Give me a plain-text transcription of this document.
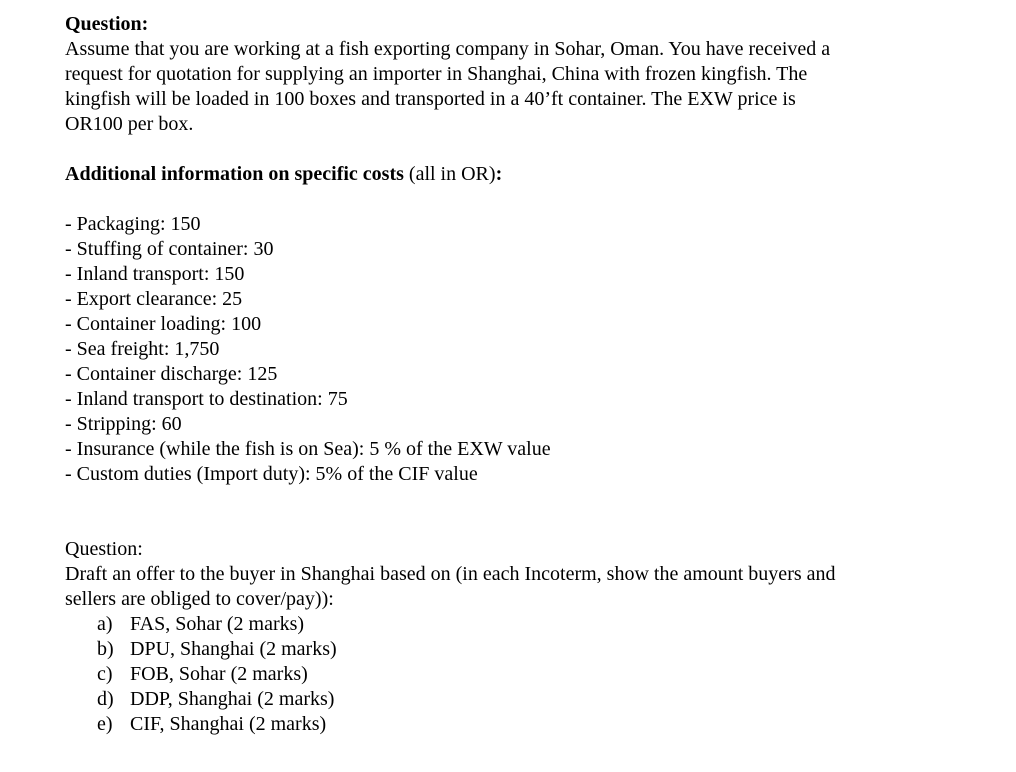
Question:
Assume that you are working at a fish exporting company in Sohar, Oman. You have received a
request for quotation for supplying an importer in Shanghai, China with frozen kingfish. The
kingfish will be loaded in 100 boxes and transported in a 40’ft container. The EXW price is
OR100 per box.
Additional information on specific costs (all in OR):
- Packaging: 150
- Stuffing of container: 30
- Inland transport: 150
- Export clearance: 25
- Container loading: 100
- Sea freight: 1,750
- Container discharge: 125
- Inland transport to destination: 75
- Stripping: 60
- Insurance (while the fish is on Sea): 5 % of the EXW value
- Custom duties (Import duty): 5% of the CIF value
Question:
Draft an offer to the buyer in Shanghai based on (in each Incoterm, show the amount buyers and
sellers are obliged to cover/pay)):
a) FAS, Sohar (2 marks)
b) DPU, Shanghai (2 marks)
c) FOB, Sohar (2 marks)
d) DDP, Shanghai (2 marks)
e) CIF, Shanghai (2 marks)
